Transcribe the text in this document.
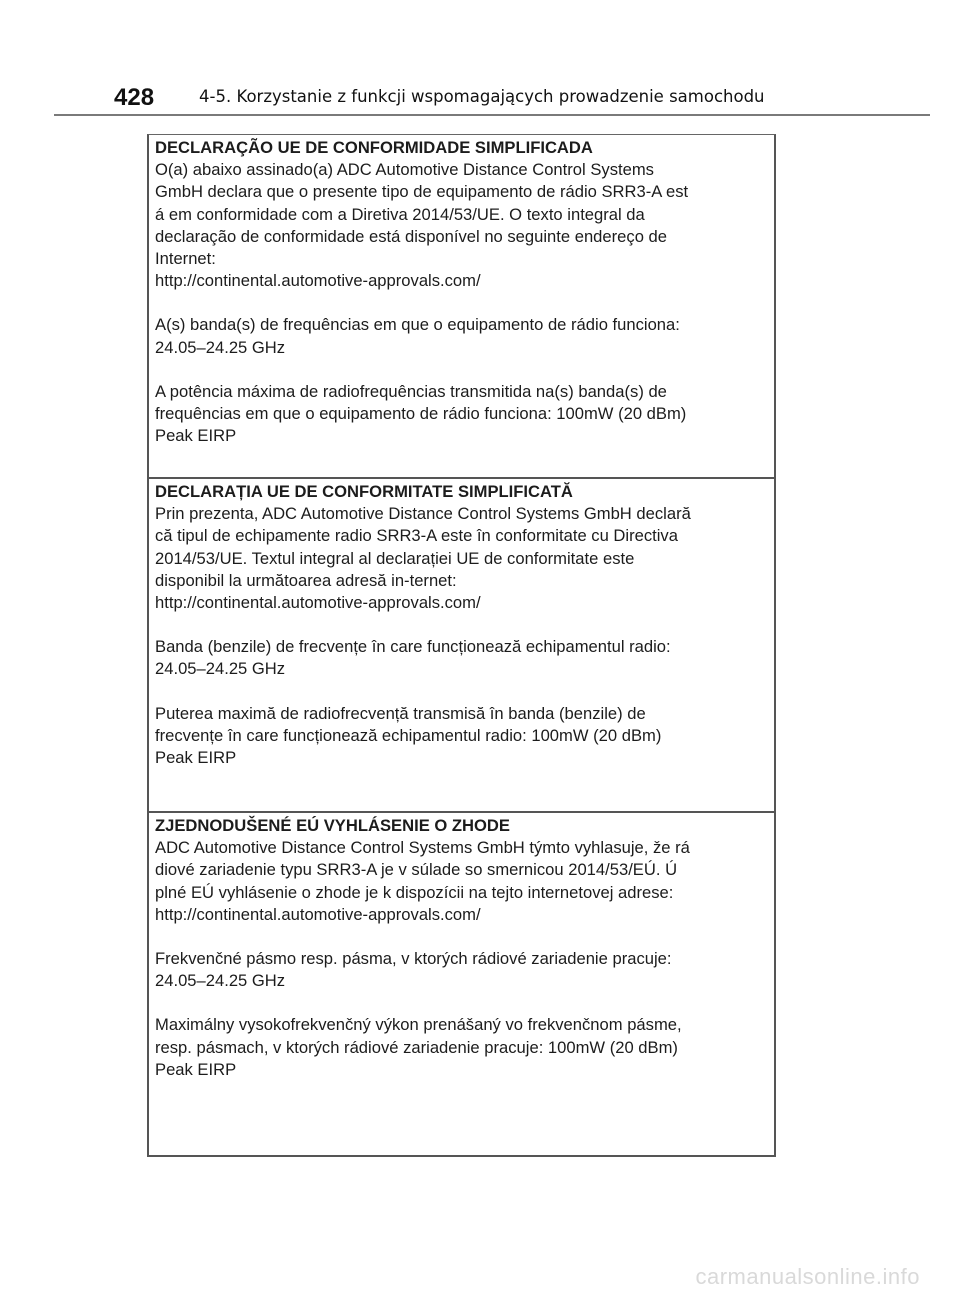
428	4-5. Korzystanie z funkcji wspomagających prowadzenie samochodu

DECLARAÇÃO UE DE CONFORMIDADE SIMPLIFICADA

O(a) abaixo assinado(a) ADC Automotive Distance Control Systems
GmbH declara que o presente tipo de equipamento de rádio SRR3-A est
á em conformidade com a Diretiva 2014/53/UE. O texto integral da
declaração de conformidade está disponível no seguinte endereço de
Internet:
http://continental.automotive-approvals.com/

A(s) banda(s) de frequências em que o equipamento de rádio funciona:
24.05–24.25 GHz

A potência máxima de radiofrequências transmitida na(s) banda(s) de
frequências em que o equipamento de rádio funciona: 100mW (20 dBm)
Peak EIRP

DECLARAȚIA UE DE CONFORMITATE SIMPLIFICATĂ

Prin prezenta, ADC Automotive Distance Control Systems GmbH declară
că tipul de echipamente radio SRR3-A este în conformitate cu Directiva
2014/53/UE. Textul integral al declarației UE de conformitate este
disponibil la următoarea adresă in-ternet:
http://continental.automotive-approvals.com/

Banda (benzile) de frecvențe în care funcționează echipamentul radio:
24.05–24.25 GHz

Puterea maximă de radiofrecvență transmisă în banda (benzile) de
frecvențe în care funcționează echipamentul radio: 100mW (20 dBm)
Peak EIRP

ZJEDNODUŠENÉ EÚ VYHLÁSENIE O ZHODE

ADC Automotive Distance Control Systems GmbH týmto vyhlasuje, že rá
diové zariadenie typu SRR3-A je v súlade so smernicou 2014/53/EÚ. Ú
plné EÚ vyhlásenie o zhode je k dispozícii na tejto internetovej adrese:
http://continental.automotive-approvals.com/

Frekvenčné pásmo resp. pásma, v ktorých rádiové zariadenie pracuje:
24.05–24.25 GHz

Maximálny vysokofrekvenčný výkon prenášaný vo frekvenčnom pásme,
resp. pásmach, v ktorých rádiové zariadenie pracuje: 100mW (20 dBm)
Peak EIRP

carmanualsonline.info
